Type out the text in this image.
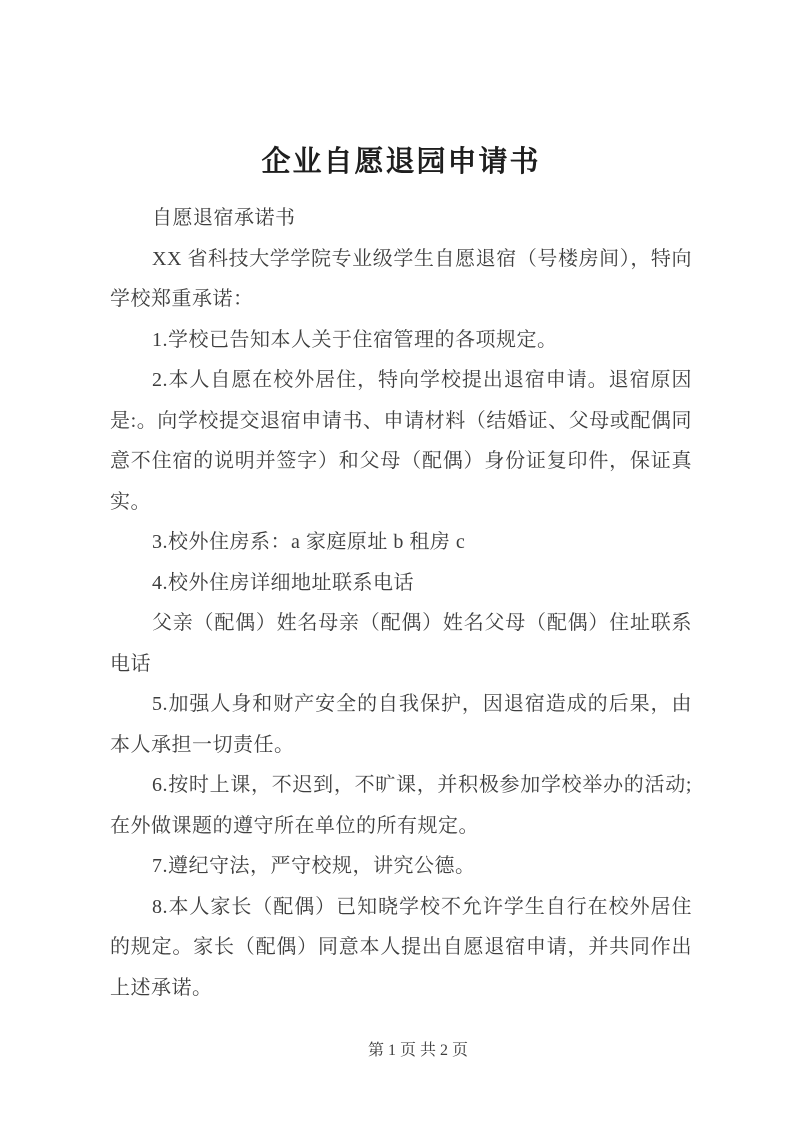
企业自愿退园申请书

自愿退宿承诺书

XX 省科技大学学院专业级学生自愿退宿（号楼房间），特向学校郑重承诺：

1.学校已告知本人关于住宿管理的各项规定。

2.本人自愿在校外居住，特向学校提出退宿申请。退宿原因是:。向学校提交退宿申请书、申请材料（结婚证、父母或配偶同意不住宿的说明并签字）和父母（配偶）身份证复印件，保证真实。

3.校外住房系：a 家庭原址 b 租房 c

4.校外住房详细地址联系电话

父亲（配偶）姓名母亲（配偶）姓名父母（配偶）住址联系电话

5.加强人身和财产安全的自我保护，因退宿造成的后果，由本人承担一切责任。

6.按时上课，不迟到，不旷课，并积极参加学校举办的活动;在外做课题的遵守所在单位的所有规定。

7.遵纪守法，严守校规，讲究公德。

8.本人家长（配偶）已知晓学校不允许学生自行在校外居住的规定。家长（配偶）同意本人提出自愿退宿申请，并共同作出上述承诺。

第 1 页 共 2 页
